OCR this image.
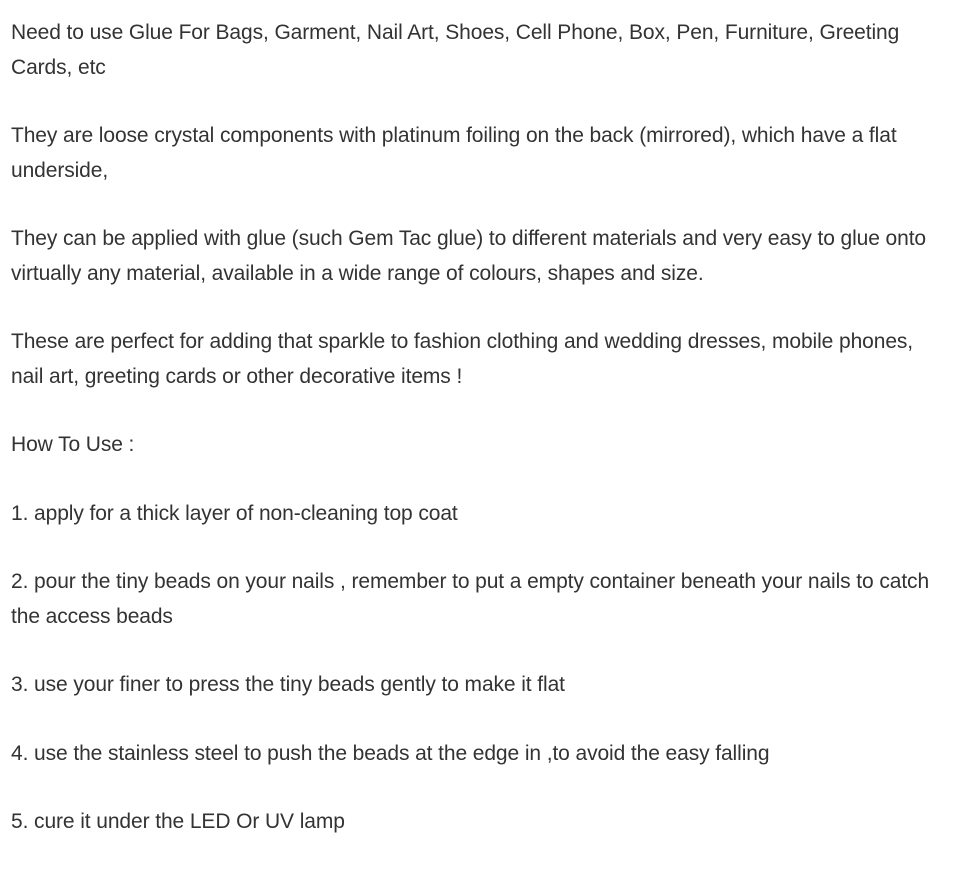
Need to use Glue For Bags, Garment, Nail Art, Shoes, Cell Phone, Box, Pen, Furniture, Greeting Cards, etc

They are loose crystal components with platinum foiling on the back (mirrored), which have a flat underside,

They can be applied with glue (such Gem Tac glue) to different materials and very easy to glue onto virtually any material, available in a wide range of colours, shapes and size.

These are perfect for adding that sparkle to fashion clothing and wedding dresses, mobile phones, nail art, greeting cards or other decorative items !

How To Use :

1. apply for a thick layer of non-cleaning top coat

2. pour the tiny beads on your nails , remember to put a empty container beneath your nails to catch the access beads

3. use your finer to press the tiny beads gently to make it flat

4. use the stainless steel to push the beads at the edge in ,to avoid the easy falling

5. cure it under the LED Or UV lamp
